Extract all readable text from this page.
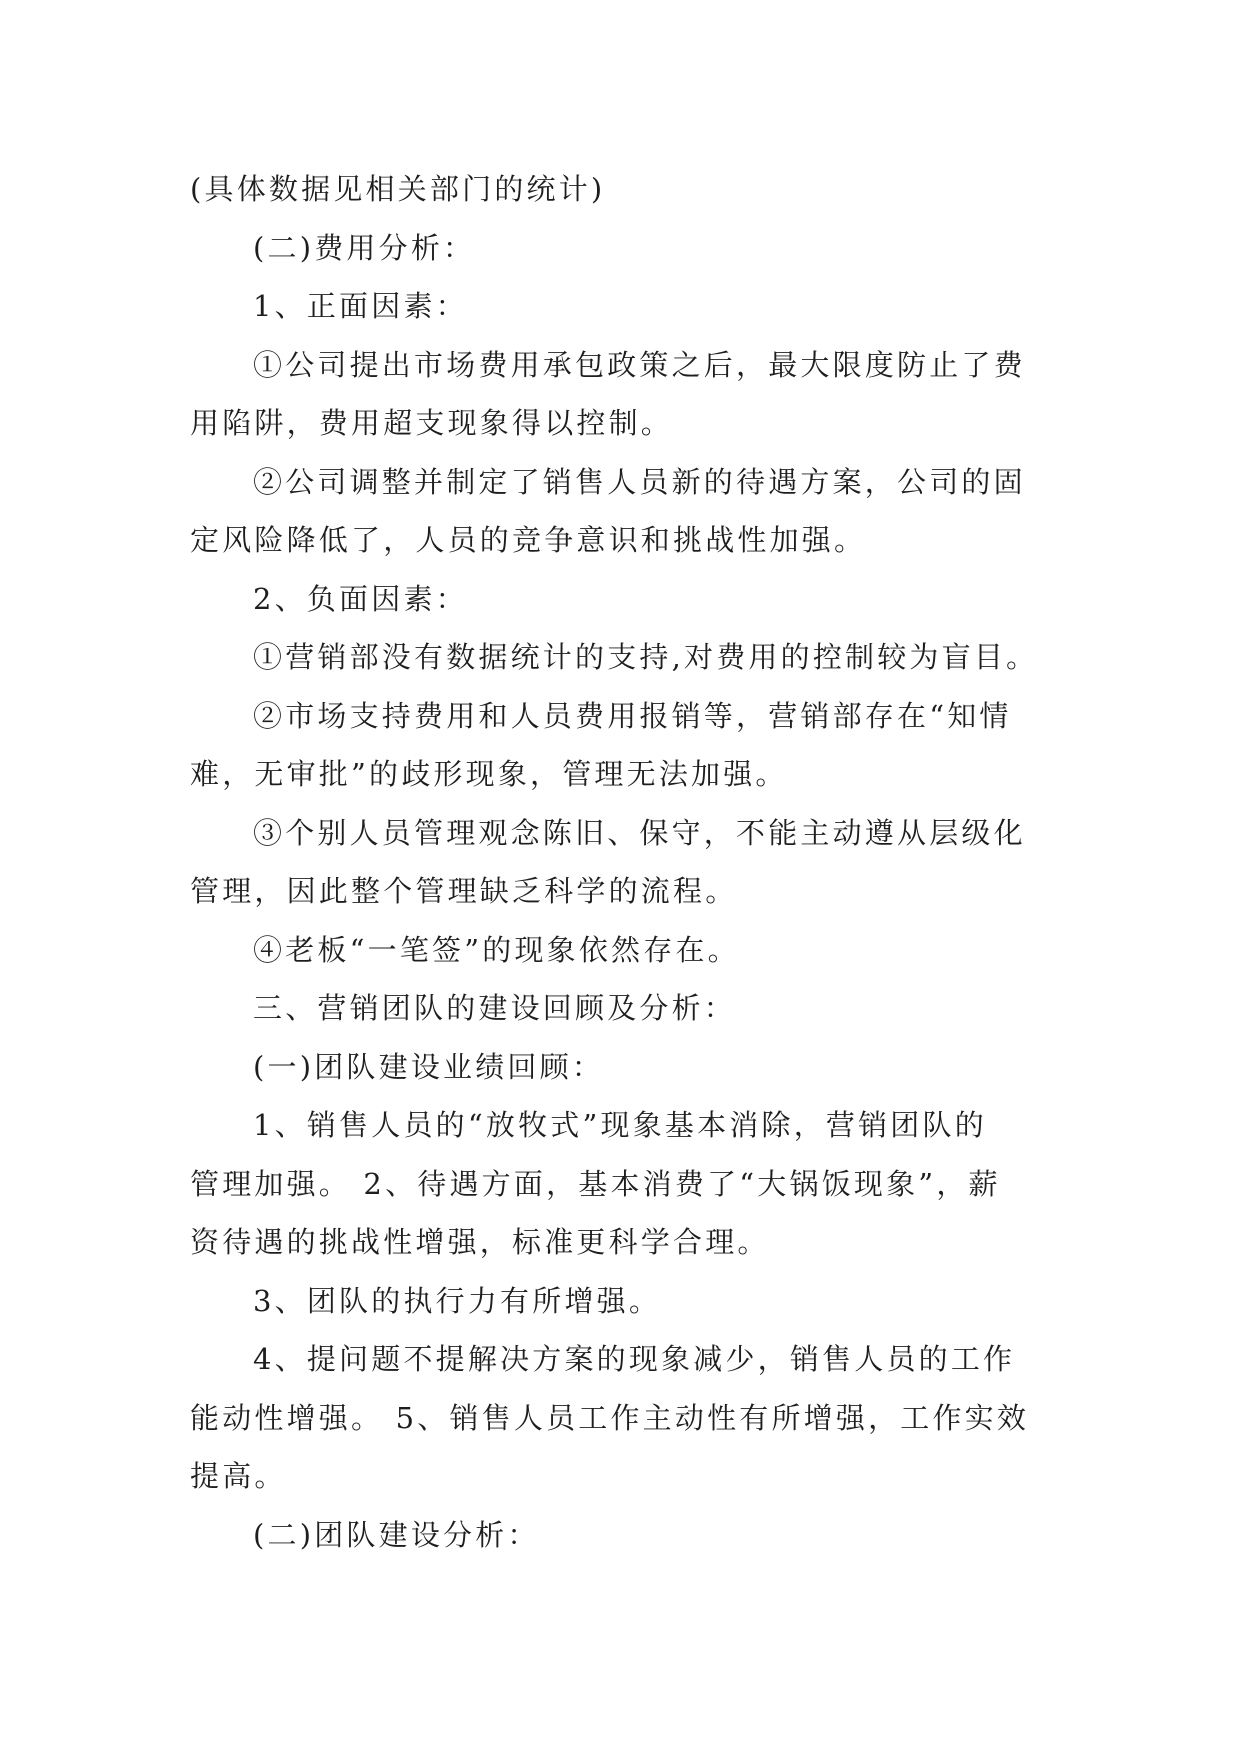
(具体数据见相关部门的统计)
(二)费用分析：
1、正面因素：
①公司提出市场费用承包政策之后，最大限度防止了费
用陷阱，费用超支现象得以控制。
②公司调整并制定了销售人员新的待遇方案，公司的固
定风险降低了，人员的竞争意识和挑战性加强。
2、负面因素：
①营销部没有数据统计的支持,对费用的控制较为盲目。
②市场支持费用和人员费用报销等，营销部存在“知情
难，无审批”的歧形现象，管理无法加强。
③个别人员管理观念陈旧、保守，不能主动遵从层级化
管理，因此整个管理缺乏科学的流程。
④老板“一笔签”的现象依然存在。
三、营销团队的建设回顾及分析：
(一)团队建设业绩回顾：
1、销售人员的“放牧式”现象基本消除，营销团队的
管理加强。 2、待遇方面，基本消费了“大锅饭现象”，薪
资待遇的挑战性增强，标准更科学合理。
3、团队的执行力有所增强。
4、提问题不提解决方案的现象减少，销售人员的工作
能动性增强。 5、销售人员工作主动性有所增强，工作实效
提高。
(二)团队建设分析：
